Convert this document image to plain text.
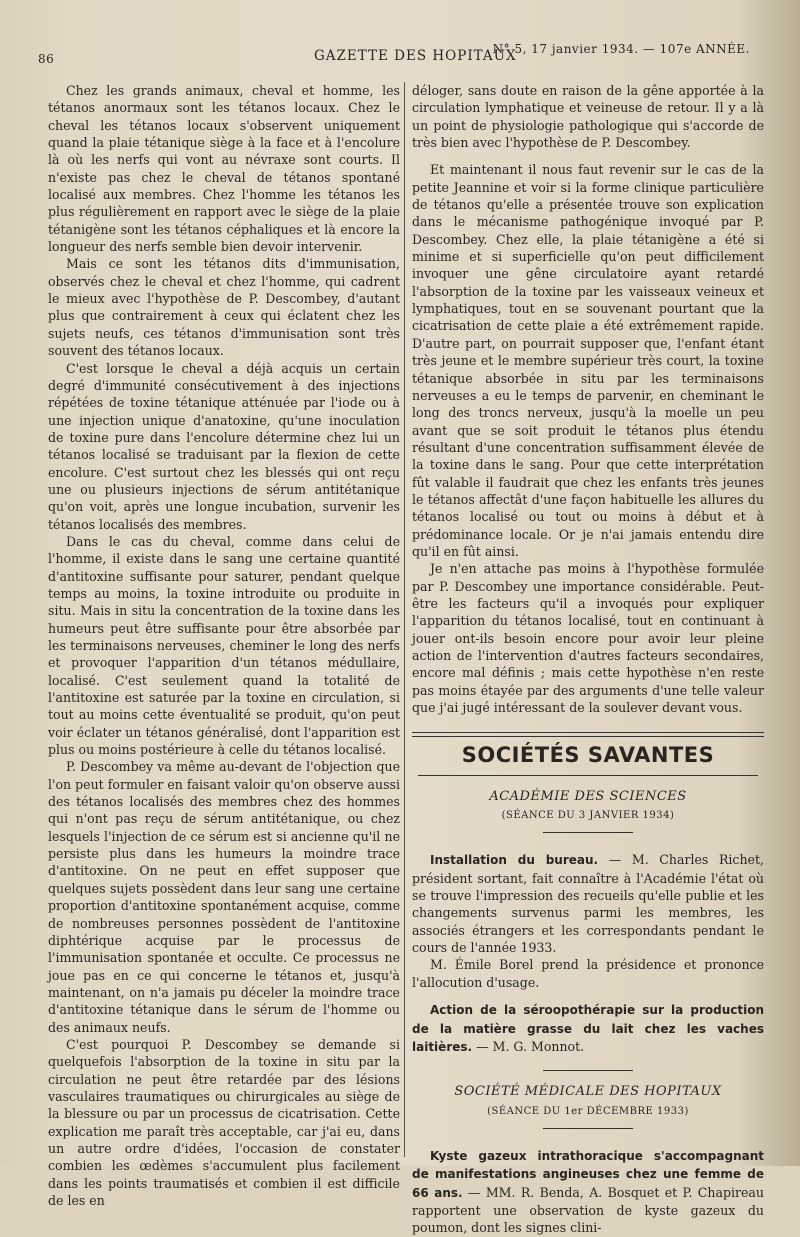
86	GAZETTE DES HOPITAUX
N° 5, 17 janvier 1934. — 107e ANNÉE.

Chez les grands animaux, cheval et homme, les tétanos anormaux sont les tétanos locaux. Chez le cheval les tétanos locaux s'observent uniquement quand la plaie tétanique siège à la face et à l'encolure là où les nerfs qui vont au névraxe sont courts. Il n'existe pas chez le cheval de tétanos spontané localisé aux membres. Chez l'homme les tétanos les plus régulièrement en rapport avec le siège de la plaie tétanigène sont les tétanos céphaliques et là encore la longueur des nerfs semble bien devoir intervenir.

Mais ce sont les tétanos dits d'immunisation, observés chez le cheval et chez l'homme, qui cadrent le mieux avec l'hypothèse de P. Descombey, d'autant plus que contrairement à ceux qui éclatent chez les sujets neufs, ces tétanos d'immunisation sont très souvent des tétanos locaux.

C'est lorsque le cheval a déjà acquis un certain degré d'immunité consécutivement à des injections répétées de toxine tétanique atténuée par l'iode ou à une injection unique d'anatoxine, qu'une inoculation de toxine pure dans l'encolure détermine chez lui un tétanos localisé se traduisant par la flexion de cette encolure. C'est surtout chez les blessés qui ont reçu une ou plusieurs injections de sérum antitétanique qu'on voit, après une longue incubation, survenir les tétanos localisés des membres.

Dans le cas du cheval, comme dans celui de l'homme, il existe dans le sang une certaine quantité d'antitoxine suffisante pour saturer, pendant quelque temps au moins, la toxine introduite ou produite in situ. Mais in situ la concentration de la toxine dans les humeurs peut être suffisante pour être absorbée par les terminaisons nerveuses, cheminer le long des nerfs et provoquer l'apparition d'un tétanos médullaire, localisé. C'est seulement quand la totalité de l'antitoxine est saturée par la toxine en circulation, si tout au moins cette éventualité se produit, qu'on peut voir éclater un tétanos généralisé, dont l'apparition est plus ou moins postérieure à celle du tétanos localisé.

P. Descombey va même au-devant de l'objection que l'on peut formuler en faisant valoir qu'on observe aussi des tétanos localisés des membres chez des hommes qui n'ont pas reçu de sérum antitétanique, ou chez lesquels l'injection de ce sérum est si ancienne qu'il ne persiste plus dans les humeurs la moindre trace d'antitoxine. On ne peut en effet supposer que quelques sujets possèdent dans leur sang une certaine proportion d'antitoxine spontanément acquise, comme de nombreuses personnes possèdent de l'antitoxine diphtérique acquise par le processus de l'immunisation spontanée et occulte. Ce processus ne joue pas en ce qui concerne le tétanos et, jusqu'à maintenant, on n'a jamais pu déceler la moindre trace d'antitoxine tétanique dans le sérum de l'homme ou des animaux neufs.

C'est pourquoi P. Descombey se demande si quelquefois l'absorption de la toxine in situ par la circulation ne peut être retardée par des lésions vasculaires traumatiques ou chirurgicales au siège de la blessure ou par un processus de cicatrisation. Cette explication me paraît très acceptable, car j'ai eu, dans un autre ordre d'idées, l'occasion de constater combien les œdèmes s'accumulent plus facilement dans les points traumatisés et combien il est difficile de les en

déloger, sans doute en raison de la gêne apportée à la circulation lymphatique et veineuse de retour. Il y a là un point de physiologie pathologique qui s'accorde de très bien avec l'hypothèse de P. Descombey.

Et maintenant il nous faut revenir sur le cas de la petite Jeannine et voir si la forme clinique particulière de tétanos qu'elle a présentée trouve son explication dans le mécanisme pathogénique invoqué par P. Descombey. Chez elle, la plaie tétanigène a été si minime et si superficielle qu'on peut difficilement invoquer une gêne circulatoire ayant retardé l'absorption de la toxine par les vaisseaux veineux et lymphatiques, tout en se souvenant pourtant que la cicatrisation de cette plaie a été extrêmement rapide. D'autre part, on pourrait supposer que, l'enfant étant très jeune et le membre supérieur très court, la toxine tétanique absorbée in situ par les terminaisons nerveuses a eu le temps de parvenir, en cheminant le long des troncs nerveux, jusqu'à la moelle un peu avant que se soit produit le tétanos plus étendu résultant d'une concentration suffisamment élevée de la toxine dans le sang. Pour que cette interprétation fût valable il faudrait que chez les enfants très jeunes le tétanos affectât d'une façon habituelle les allures du tétanos localisé ou tout ou moins à début et à prédominance locale. Or je n'ai jamais entendu dire qu'il en fût ainsi.

Je n'en attache pas moins à l'hypothèse formulée par P. Descombey une importance considérable. Peut-être les facteurs qu'il a invoqués pour expliquer l'apparition du tétanos localisé, tout en continuant à jouer ont-ils besoin encore pour avoir leur pleine action de l'intervention d'autres facteurs secondaires, encore mal définis ; mais cette hypothèse n'en reste pas moins étayée par des arguments d'une telle valeur que j'ai jugé intéressant de la soulever devant vous.

SOCIÉTÉS SAVANTES

ACADÉMIE DES SCIENCES

(SÉANCE DU 3 JANVIER 1934)

Installation du bureau. — M. Charles Richet, président sortant, fait connaître à l'Académie l'état où se trouve l'impression des recueils qu'elle publie et les changements survenus parmi les membres, les associés étrangers et les correspondants pendant le cours de l'année 1933.

M. Émile Borel prend la présidence et prononce l'allocution d'usage.

Action de la séroopothérapie sur la production de la matière grasse du lait chez les vaches laitières. — M. G. Monnot.

SOCIÉTÉ MÉDICALE DES HOPITAUX

(SÉANCE DU 1er DÉCEMBRE 1933)

Kyste gazeux intrathoracique s'accompagnant de manifestations angineuses chez une femme de 66 ans. — MM. R. Benda, A. Bosquet et P. Chapireau rapportent une observation de kyste gazeux du poumon, dont les signes clini-
